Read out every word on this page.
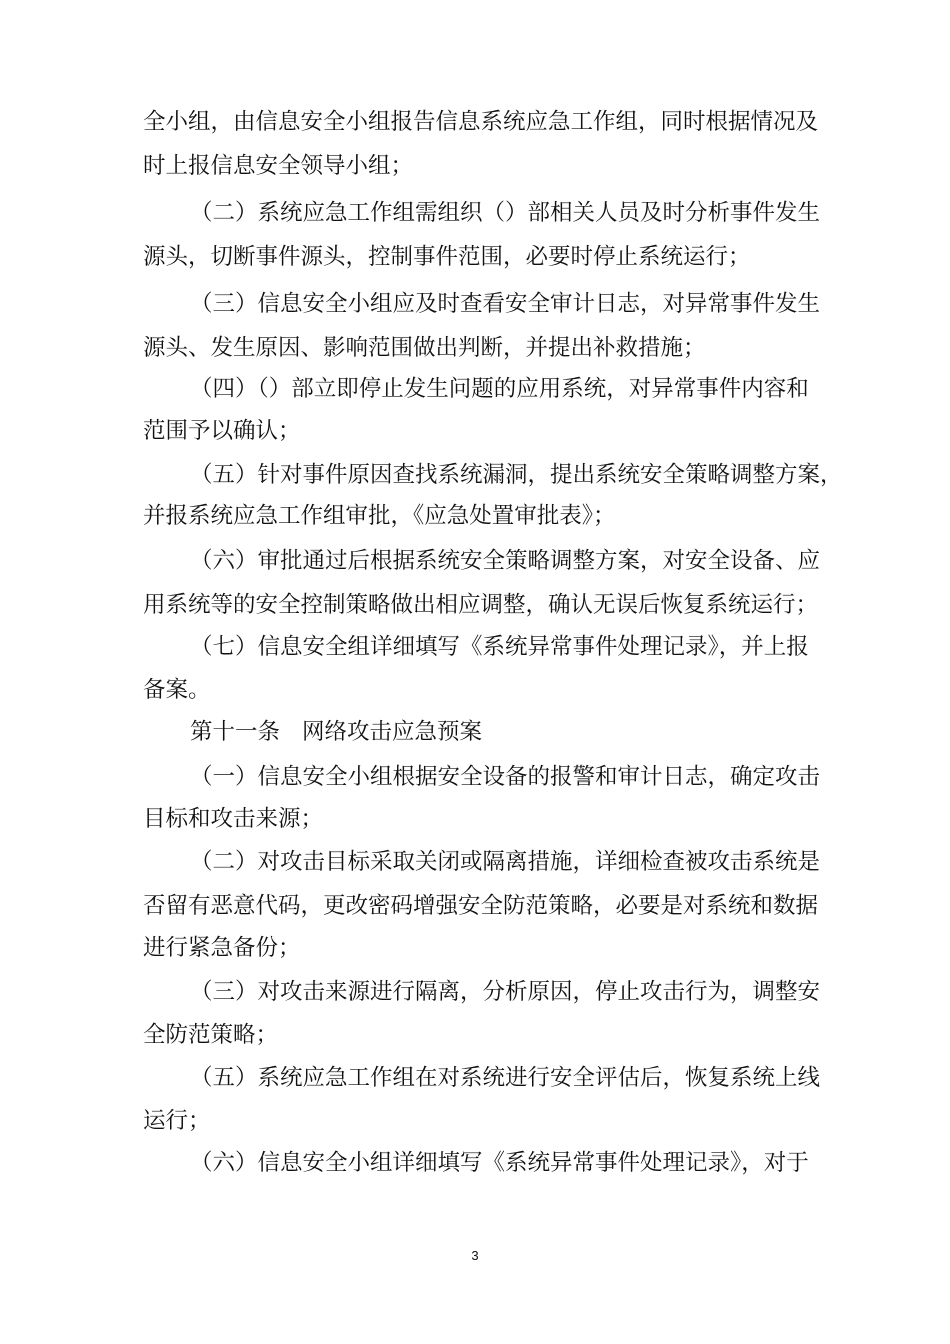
全小组，由信息安全小组报告信息系统应急工作组，同时根据情况及
时上报信息安全领导小组；
（二）系统应急工作组需组织（）部相关人员及时分析事件发生
源头，切断事件源头，控制事件范围，必要时停止系统运行；
（三）信息安全小组应及时查看安全审计日志，对异常事件发生
源头、发生原因、影响范围做出判断，并提出补救措施；
（四）（）部立即停止发生问题的应用系统，对异常事件内容和
范围予以确认；
（五）针对事件原因查找系统漏洞，提出系统安全策略调整方案，
并报系统应急工作组审批，《应急处置审批表》；
（六）审批通过后根据系统安全策略调整方案，对安全设备、应
用系统等的安全控制策略做出相应调整，确认无误后恢复系统运行；
（七）信息安全组详细填写《系统异常事件处理记录》，并上报
备案。
第十一条 网络攻击应急预案
（一）信息安全小组根据安全设备的报警和审计日志，确定攻击
目标和攻击来源；
（二）对攻击目标采取关闭或隔离措施，详细检查被攻击系统是
否留有恶意代码，更改密码增强安全防范策略，必要是对系统和数据
进行紧急备份；
（三）对攻击来源进行隔离，分析原因，停止攻击行为，调整安
全防范策略；
（五）系统应急工作组在对系统进行安全评估后，恢复系统上线
运行；
（六）信息安全小组详细填写《系统异常事件处理记录》，对于
3
